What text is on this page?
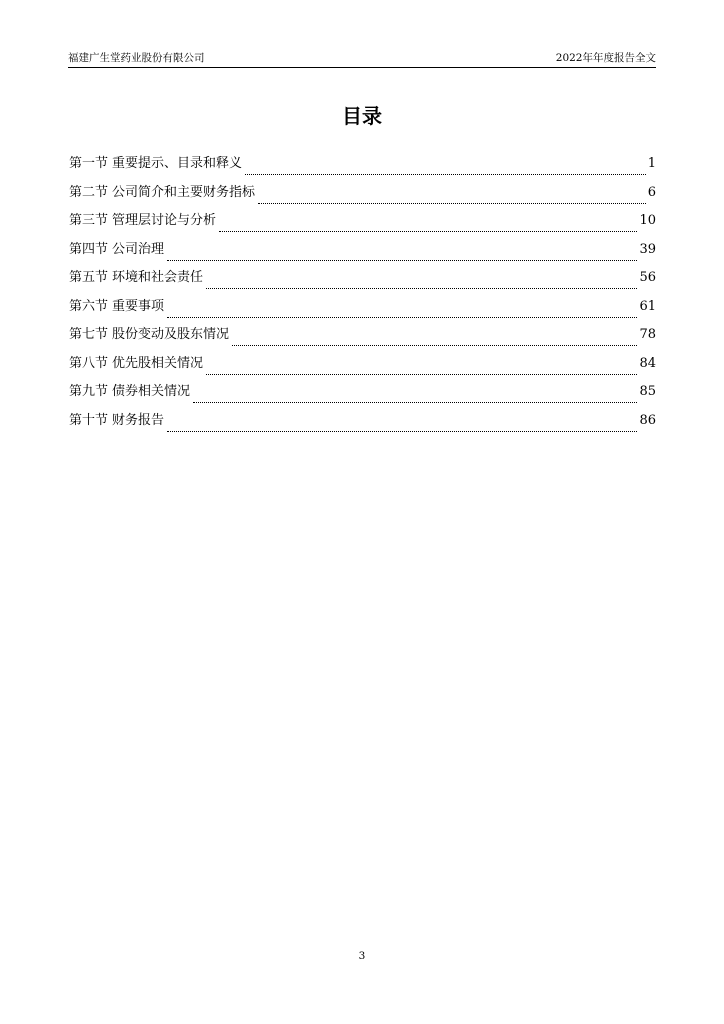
福建广生堂药业股份有限公司	2022年年度报告全文
目录
第一节 重要提示、目录和释义	1
第二节 公司简介和主要财务指标	6
第三节 管理层讨论与分析	10
第四节 公司治理	39
第五节 环境和社会责任	56
第六节 重要事项	61
第七节 股份变动及股东情况	78
第八节 优先股相关情况	84
第九节 债券相关情况	85
第十节 财务报告	86
3
